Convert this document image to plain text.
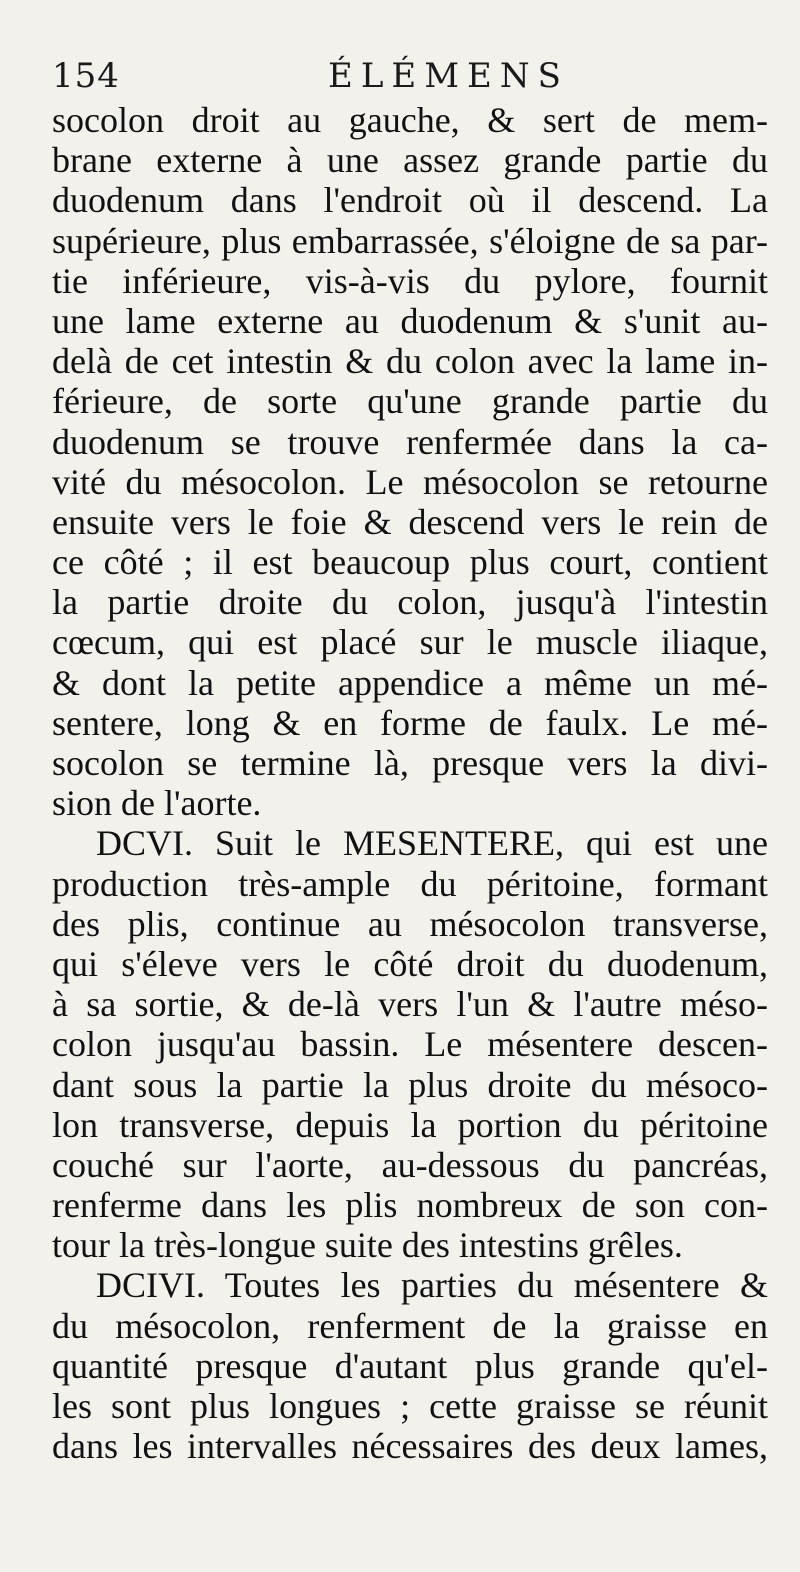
154	ÉLÉMENS
socolon droit au gauche, & sert de mem-
brane externe à une assez grande partie du
duodenum dans l'endroit où il descend. La
supérieure, plus embarrassée, s'éloigne de sa par-
tie inférieure, vis-à-vis du pylore, fournit
une lame externe au duodenum & s'unit au-
delà de cet intestin & du colon avec la lame in-
férieure, de sorte qu'une grande partie du
duodenum se trouve renfermée dans la ca-
vité du mésocolon. Le mésocolon se retourne
ensuite vers le foie & descend vers le rein de
ce côté ; il est beaucoup plus court, contient
la partie droite du colon, jusqu'à l'intestin
cœcum, qui est placé sur le muscle iliaque,
& dont la petite appendice a même un mé-
sentere, long & en forme de faulx. Le mé-
socolon se termine là, presque vers la divi-
sion de l'aorte.
DCVI. Suit le MESENTERE, qui est une
production très-ample du péritoine, formant
des plis, continue au mésocolon transverse,
qui s'éleve vers le côté droit du duodenum,
à sa sortie, & de-là vers l'un & l'autre méso-
colon jusqu'au bassin. Le mésentere descen-
dant sous la partie la plus droite du mésoco-
lon transverse, depuis la portion du péritoine
couché sur l'aorte, au-dessous du pancréas,
renferme dans les plis nombreux de son con-
tour la très-longue suite des intestins grêles.
DCIVI. Toutes les parties du mésentere &
du mésocolon, renferment de la graisse en
quantité presque d'autant plus grande qu'el-
les sont plus longues ; cette graisse se réunit
dans les intervalles nécessaires des deux lames,
